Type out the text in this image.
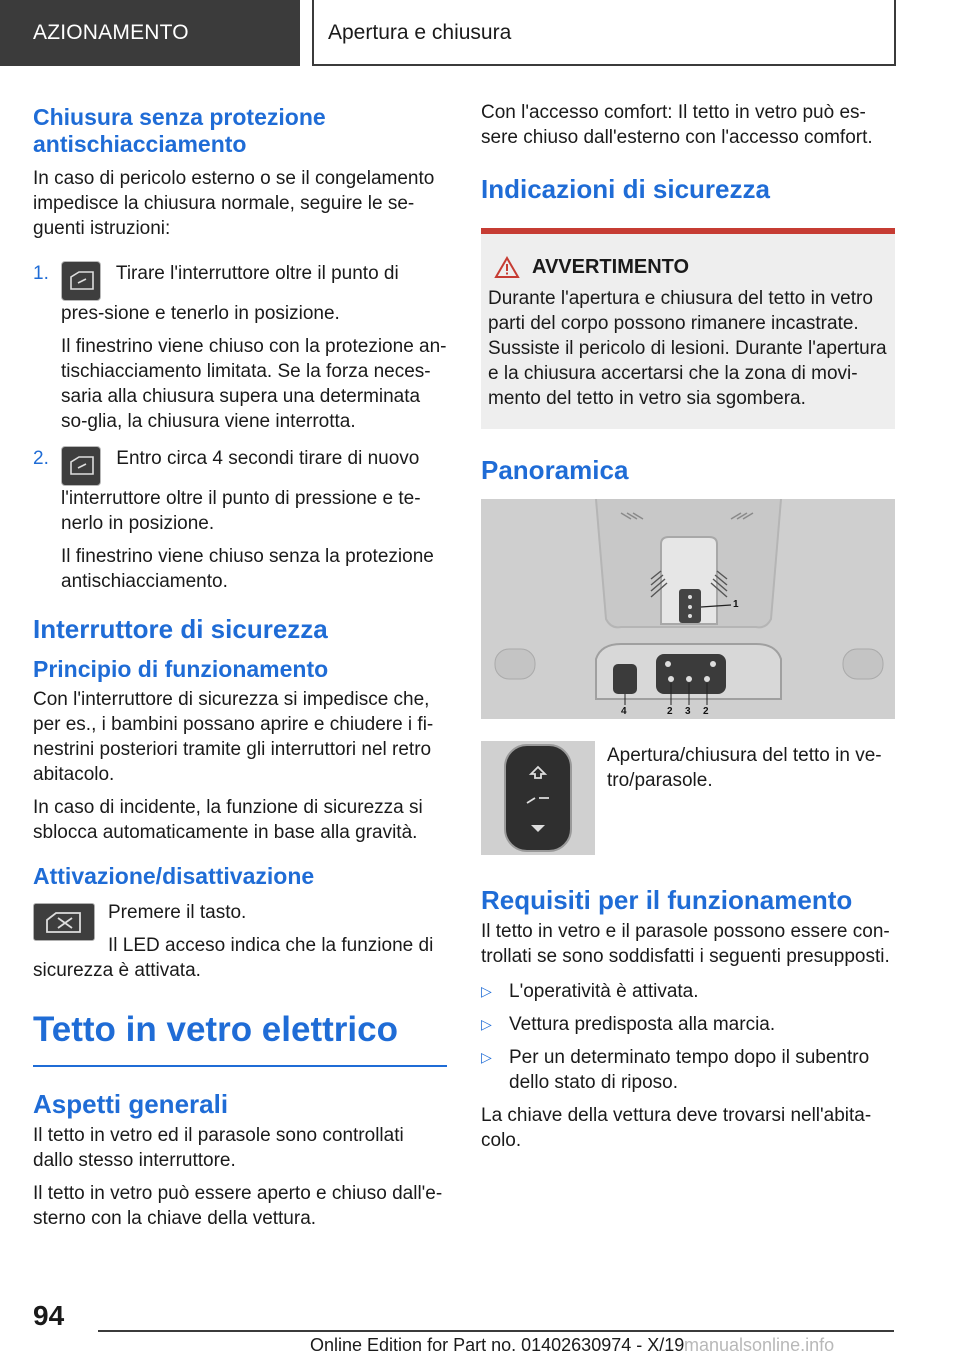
AZIONAMENTO	Apertura e chiusura
Chiusura senza protezione antischiacciamento

In caso di pericolo esterno o se il congelamento impedisce la chiusura normale, seguire le se-guenti istruzioni:

1.	Tirare l'interruttore oltre il punto di pres-sione e tenerlo in posizione.

Il finestrino viene chiuso con la protezione an-tischiacciamento limitata. Se la forza neces-saria alla chiusura supera una determinata so-glia, la chiusura viene interrotta.

2.	Entro circa 4 secondi tirare di nuovo l'interruttore oltre il punto di pressione e te-nerlo in posizione.

Il finestrino viene chiuso senza la protezione antischiacciamento.

Interruttore di sicurezza
Principio di funzionamento

Con l'interruttore di sicurezza si impedisce che, per es., i bambini possano aprire e chiudere i fi-nestrini posteriori tramite gli interruttori nel retro abitacolo.

In caso di incidente, la funzione di sicurezza si sblocca automaticamente in base alla gravità.

Attivazione/disattivazione

Premere il tasto.

Il LED acceso indica che la funzione di sicurezza è attivata.

Tetto in vetro elettrico
Aspetti generali

Il tetto in vetro ed il parasole sono controllati dallo stesso interruttore.

Il tetto in vetro può essere aperto e chiuso dall'e-sterno con la chiave della vettura.

Con l'accesso comfort: Il tetto in vetro può es-sere chiuso dall'esterno con l'accesso comfort.

Indicazioni di sicurezza
AVVERTIMENTO

Durante l'apertura e chiusura del tetto in vetro parti del corpo possono rimanere incastrate. Sussiste il pericolo di lesioni. Durante l'apertura e la chiusura accertarsi che la zona di movi-mento del tetto in vetro sia sgombera.

Panoramica
1
4	2 3 2

Apertura/chiusura del tetto in ve-tro/parasole.

Requisiti per il funzionamento

Il tetto in vetro e il parasole possono essere con-trollati se sono soddisfatti i seguenti presupposti.

▷ L'operatività è attivata.
▷ Vettura predisposta alla marcia.
▷ Per un determinato tempo dopo il subentro dello stato di riposo.

La chiave della vettura deve trovarsi nell'abita-colo.

94
Online Edition for Part no. 01402630974 - X/19 manualsonline.info
